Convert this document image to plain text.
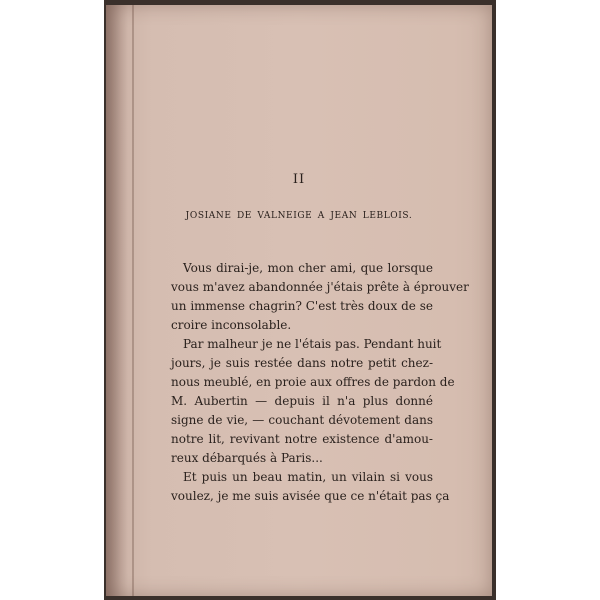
II
JOSIANE DE VALNEIGE A JEAN LEBLOIS.
Vous dirai-je, mon cher ami, que lorsque
vous m'avez abandonnée j'étais prête à éprouver
un immense chagrin? C'est très doux de se
croire inconsolable.
Par malheur je ne l'étais pas. Pendant huit
jours, je suis restée dans notre petit chez-
nous meublé, en proie aux offres de pardon de
M. Aubertin — depuis il n'a plus donné
signe de vie, — couchant dévotement dans
notre lit, revivant notre existence d'amou-
reux débarqués à Paris...
Et puis un beau matin, un vilain si vous
voulez, je me suis avisée que ce n'était pas ça
